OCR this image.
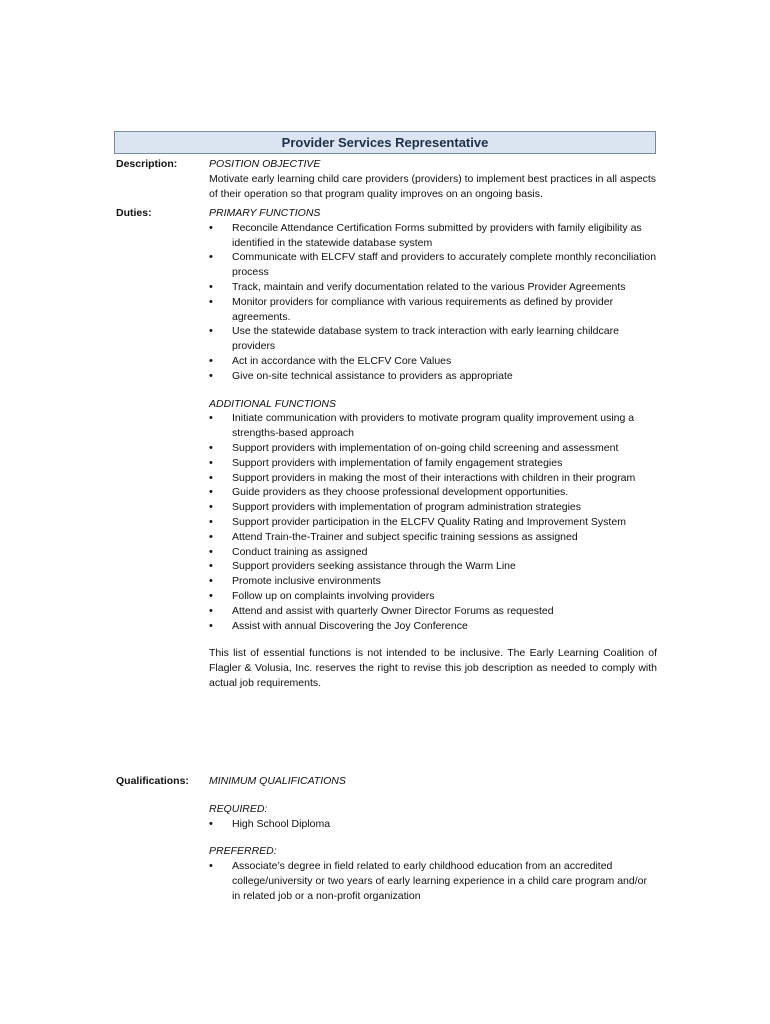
Provider Services Representative
Description:	POSITION OBJECTIVE
Motivate early learning child care providers (providers) to implement best practices in all aspects of their operation so that program quality improves on an ongoing basis.
Duties:	PRIMARY FUNCTIONS
• Reconcile Attendance Certification Forms submitted by providers with family eligibility as identified in the statewide database system
• Communicate with ELCFV staff and providers to accurately complete monthly reconciliation process
• Track, maintain and verify documentation related to the various Provider Agreements
• Monitor providers for compliance with various requirements as defined by provider agreements.
• Use the statewide database system to track interaction with early learning childcare providers
• Act in accordance with the ELCFV Core Values
• Give on-site technical assistance to providers as appropriate
ADDITIONAL FUNCTIONS
• Initiate communication with providers to motivate program quality improvement using a strengths-based approach
• Support providers with implementation of on-going child screening and assessment
• Support providers with implementation of family engagement strategies
• Support providers in making the most of their interactions with children in their program
• Guide providers as they choose professional development opportunities.
• Support providers with implementation of program administration strategies
• Support provider participation in the ELCFV Quality Rating and Improvement System
• Attend Train-the-Trainer and subject specific training sessions as assigned
• Conduct training as assigned
• Support providers seeking assistance through the Warm Line
• Promote inclusive environments
• Follow up on complaints involving providers
• Attend and assist with quarterly Owner Director Forums as requested
• Assist with annual Discovering the Joy Conference
This list of essential functions is not intended to be inclusive. The Early Learning Coalition of Flagler & Volusia, Inc. reserves the right to revise this job description as needed to comply with actual job requirements.
Qualifications: MINIMUM QUALIFICATIONS
REQUIRED:
• High School Diploma
PREFERRED:
• Associate’s degree in field related to early childhood education from an accredited college/university or two years of early learning experience in a child care program and/or in related job or a non-profit organization
